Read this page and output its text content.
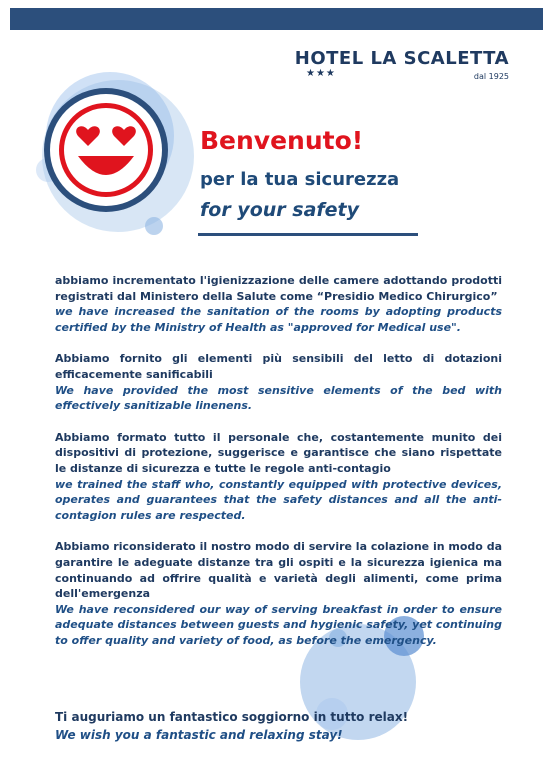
HOTEL LA SCALETTA
★★★	dal 1925
Benvenuto!
per la tua sicurezza
for your safety
abbiamo incrementato l'igienizzazione delle camere adottando prodotti registrati dal Ministero della Salute come “Presidio Medico Chirurgico”
we have increased the sanitation of the rooms by adopting products certified by the Ministry of Health as "approved for Medical use".
Abbiamo fornito gli elementi più sensibili del letto di dotazioni efficacemente sanificabili
We have provided the most sensitive elements of the bed with effectively sanitizable linenens.
Abbiamo formato tutto il personale che, costantemente munito dei dispositivi di protezione, suggerisce e garantisce che siano rispettate le distanze di sicurezza e tutte le regole anti-contagio
we trained the staff who, constantly equipped with protective devices, operates and guarantees that the safety distances and all the anti-contagion rules are respected.
Abbiamo riconsiderato il nostro modo di servire la colazione in modo da garantire le adeguate distanze tra gli ospiti e la sicurezza igienica ma continuando ad offrire qualità e varietà degli alimenti, come prima dell'emergenza
We have reconsidered our way of serving breakfast in order to ensure adequate distances between guests and hygienic safety, yet continuing to offer quality and variety of food, as before the emergency.
Ti auguriamo un fantastico soggiorno in tutto relax!
We wish you a fantastic and relaxing stay!
